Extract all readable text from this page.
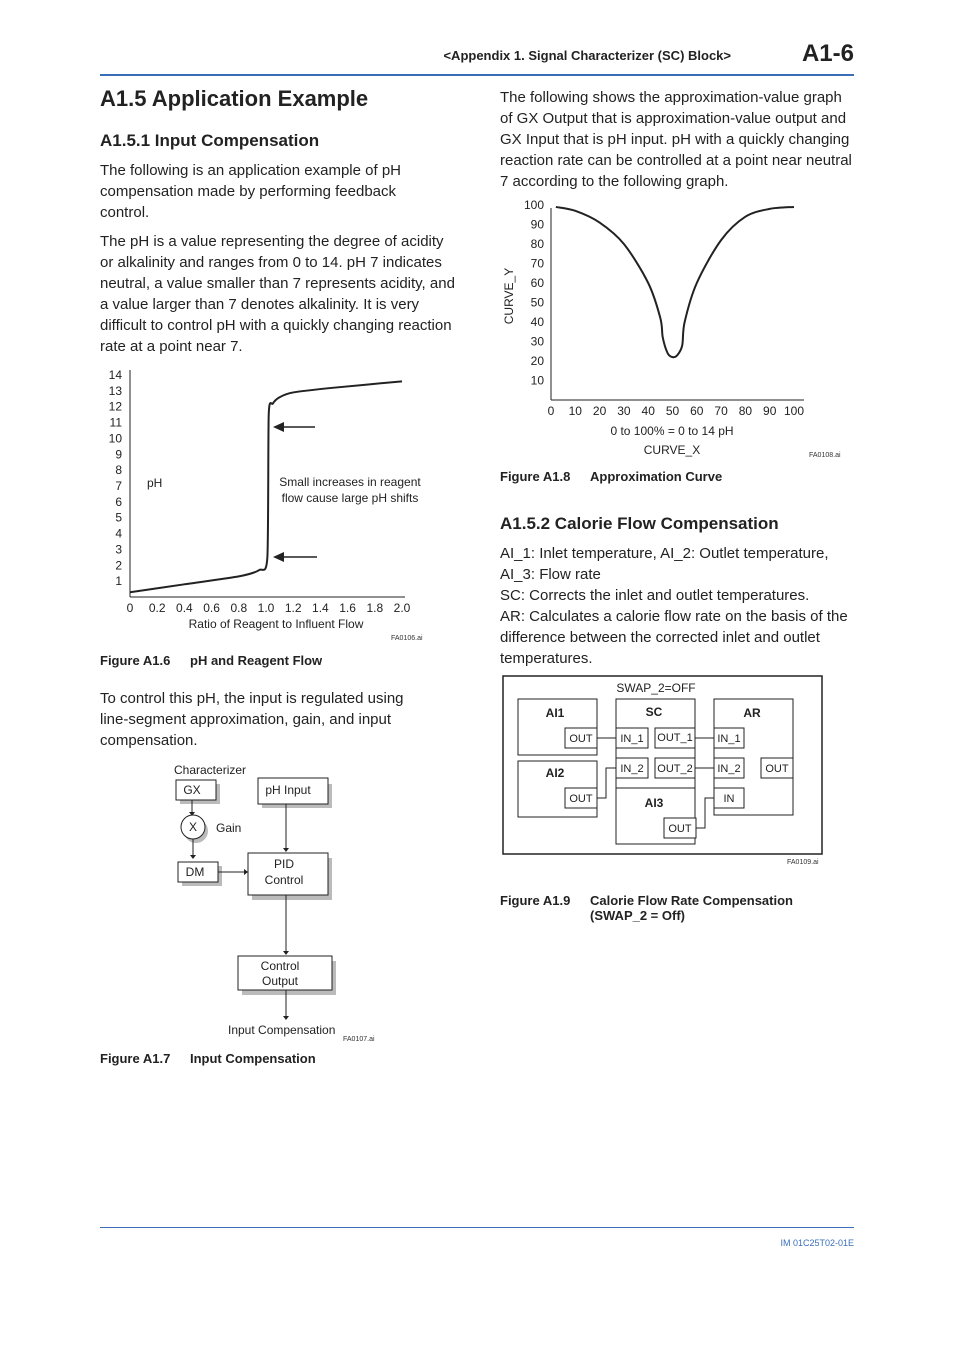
<Appendix 1. Signal Characterizer (SC) Block>	A1-6
A1.5 Application Example
A1.5.1 Input Compensation

The following is an application example of pH compensation made by performing feedback control.

The pH is a value representing the degree of acidity or alkalinity and ranges from 0 to 14. pH 7 indicates neutral, a value smaller than 7 represents acidity, and a value larger than 7 denotes alkalinity. It is very difficult to control pH with a quickly changing reaction rate at a point near 7.

1
2
3
4
5
6
7
8
9
10
11
12
13
14
0 0.2 0.4 0.6 0.8 1.0 1.2 1.4 1.6 1.8 2.0
pH	Small increases in reagent
flow cause large pH shifts
Ratio of Reagent to Influent Flow
FA0106.ai
Figure A1.6 pH and Reagent Flow

To control this pH, the input is regulated using line-segment approximation, gain, and input compensation.

Characterizer
GX	pH Input
X Gain
DM
PID
Control
Control
Output
Input Compensation
FA0107.ai
Figure A1.7 Input Compensation

The following shows the approximation-value graph of GX Output that is approximation-value output and GX Input that is pH input. pH with a quickly changing reaction rate can be controlled at a point near neutral 7 according to the following graph.

10
20
30
40
50
60
70
80
90
100
0 10 20 30 40 50 60 70 80 90 100
CURVE_Y
0 to 100% = 0 to 14 pH
CURVE_X	FA0108.ai
Figure A1.8 Approximation Curve
A1.5.2 Calorie Flow Compensation
AI_1: Inlet temperature, AI_2: Outlet temperature, AI_3: Flow rate
SC: Corrects the inlet and outlet temperatures.
AR: Calculates a calorie flow rate on the basis of the difference between the corrected inlet and outlet temperatures.
SWAP_2=OFF
AI1
OUT
AI2
OUT
SC
IN_1
IN_2
OUT_1
OUT_2
AI3
OUT
AR
IN_1
IN_2
IN
OUT
FA0109.ai
Figure A1.9 Calorie Flow Rate Compensation
(SWAP_2 = Off)
IM 01C25T02-01E
